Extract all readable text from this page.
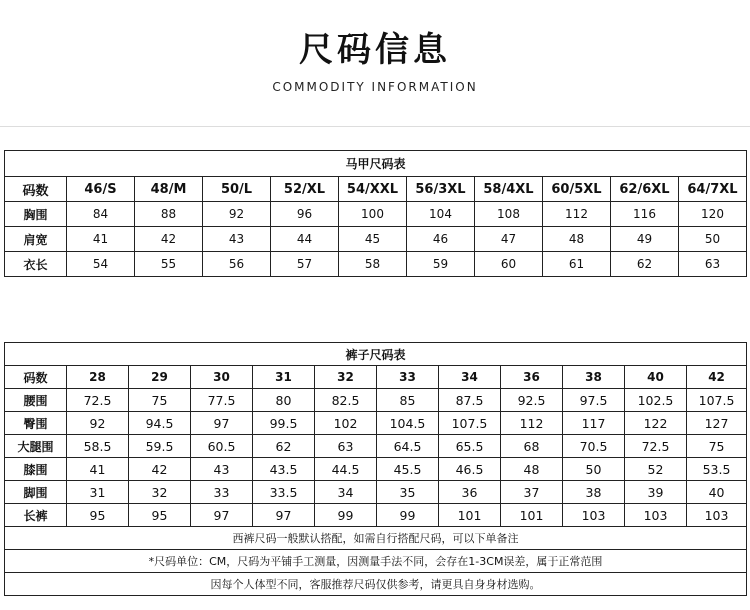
尺码信息
COMMODITY INFORMATION
马甲尺码表										
码数	46/S	48/M	50/L	52/XL	54/XXL	56/3XL	58/4XL	60/5XL	62/6XL	64/7XL
胸围	84	88	92	96	100	104	108	112	116	120
肩宽	41	42	43	44	45	46	47	48	49	50
衣长	54	55	56	57	58	59	60	61	62	63
裤子尺码表											
码数	28	29	30	31	32	33	34	36	38	40	42
腰围	72.5	75	77.5	80	82.5	85	87.5	92.5	97.5	102.5	107.5
臀围	92	94.5	97	99.5	102	104.5	107.5	112	117	122	127
大腿围	58.5	59.5	60.5	62	63	64.5	65.5	68	70.5	72.5	75
膝围	41	42	43	43.5	44.5	45.5	46.5	48	50	52	53.5
脚围	31	32	33	33.5	34	35	36	37	38	39	40
长裤	95	95	97	97	99	99	101	101	103	103	103
西裤尺码一般默认搭配，如需自行搭配尺码，可以下单备注											
*尺码单位：CM，尺码为平铺手工测量，因测量手法不同，会存在1-3CM误差，属于正常范围											
因每个人体型不同，客服推荐尺码仅供参考，请更具自身身材选购。											
